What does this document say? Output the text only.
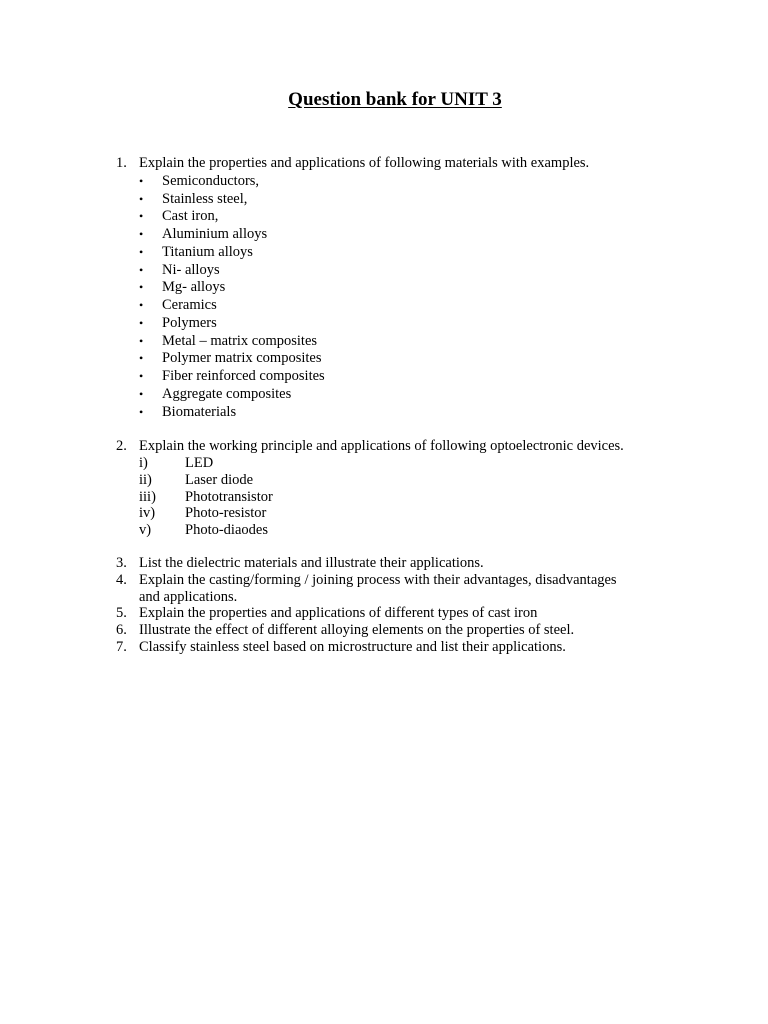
Question bank for UNIT 3
1. Explain the properties and applications of following materials with examples.
• Semiconductors,
• Stainless steel,
• Cast iron,
• Aluminium alloys
• Titanium alloys
• Ni- alloys
• Mg- alloys
• Ceramics
• Polymers
• Metal – matrix composites
• Polymer matrix composites
• Fiber reinforced composites
• Aggregate composites
• Biomaterials
2. Explain the working principle and applications of following optoelectronic devices.
i)	LED
ii) Laser diode
iii) Phototransistor
iv) Photo-resistor
v) Photo-diaodes
3. List the dielectric materials and illustrate their applications.
4. Explain the casting/forming / joining process with their advantages, disadvantages
and applications.
5. Explain the properties and applications of different types of cast iron
6. Illustrate the effect of different alloying elements on the properties of steel.
7. Classify stainless steel based on microstructure and list their applications.
